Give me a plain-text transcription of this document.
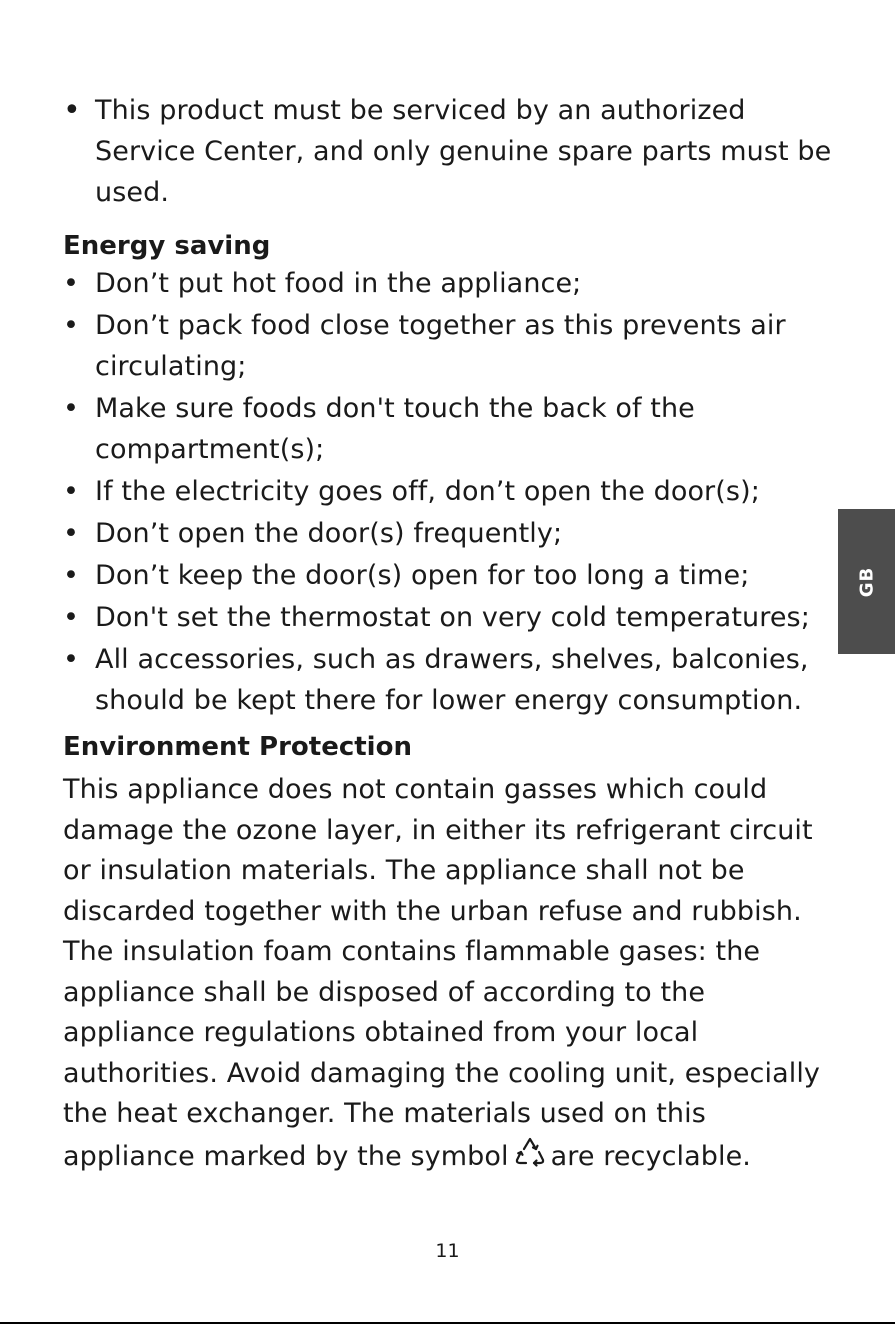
• This product must be serviced by an authorized Service Center, and only genuine spare parts must be used.
Energy saving
• Don’t put hot food in the appliance;
• Don’t pack food close together as this prevents air circulating;
• Make sure foods don't touch the back of the compartment(s);
• If the electricity goes off, don’t open the door(s);
• Don’t open the door(s) frequently;
• Don’t keep the door(s) open for too long a time;
• Don't set the thermostat on very cold temperatures;
• All accessories, such as drawers, shelves, balconies, should be kept there for lower energy consumption.
Environment Protection

This appliance does not contain gasses which could damage the ozone layer, in either its refrigerant circuit or insulation materials. The appliance shall not be discarded together with the urban refuse and rubbish. The insulation foam contains flammable gases: the appliance shall be disposed of according to the appliance regulations obtained from your local authorities. Avoid damaging the cooling unit, especially the heat exchanger. The materials used on this appliance marked by the symbol are recyclable.

GB
11
